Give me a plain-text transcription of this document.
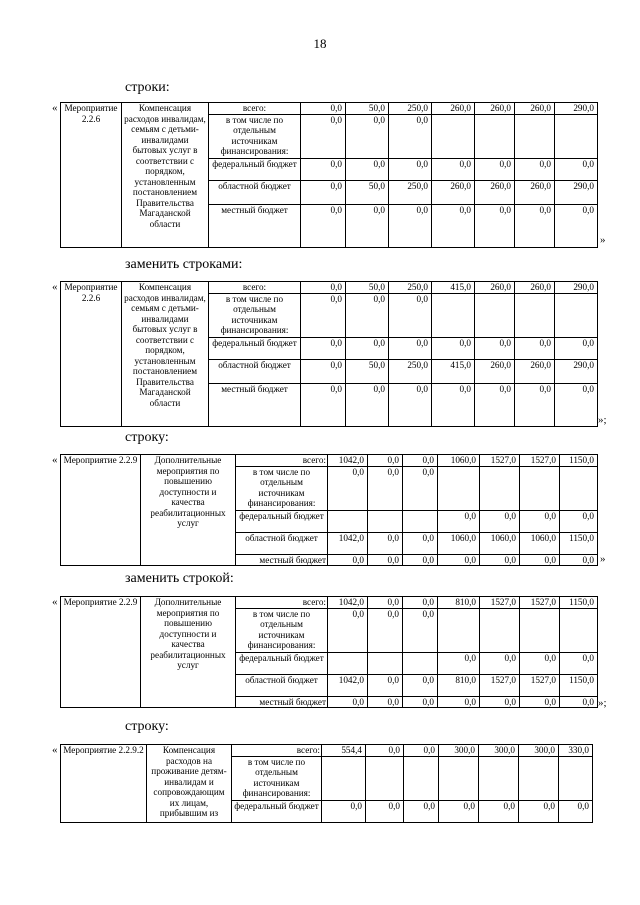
18
строки:
« Мероприятие 2.2.6	Компенсация расходов инвалидам, семьям с детьми-инвалидами бытовых услуг в соответствии с порядком, установленным постановлением Правительства Магаданской области	всего:	0,0	50,0	250,0	260,0	260,0	260,0	290,0
		в том числе по отдельным источникам финансирования:	0,0	0,0	0,0				
		федеральный бюджет	0,0	0,0	0,0	0,0	0,0	0,0	0,0
		областной бюджет	0,0	50,0	250,0	260,0	260,0	260,0	290,0
		местный бюджет	0,0	0,0	0,0	0,0	0,0	0,0	0,0
»
заменить строками:
« Мероприятие 2.2.6	Компенсация расходов инвалидам, семьям с детьми-инвалидами бытовых услуг в соответствии с порядком, установленным постановлением Правительства Магаданской области	всего:	0,0	50,0	250,0	415,0	260,0	260,0	290,0
		в том числе по отдельным источникам финансирования:	0,0	0,0	0,0				
		федеральный бюджет	0,0	0,0	0,0	0,0	0,0	0,0	0,0
		областной бюджет	0,0	50,0	250,0	415,0	260,0	260,0	290,0
		местный бюджет	0,0	0,0	0,0	0,0	0,0	0,0	0,0
»;
строку:
« Мероприятие 2.2.9	Дополнительные мероприятия по повышению доступности и качества реабилитационных услуг	всего:	1042,0	0,0	0,0	1060,0	1527,0	1527,0	1150,0
		в том числе по отдельным источникам финансирования:	0,0	0,0	0,0				
		федеральный бюджет				0,0	0,0	0,0	0,0
		областной бюджет	1042,0	0,0	0,0	1060,0	1060,0	1060,0	1150,0
		местный бюджет	0,0	0,0	0,0	0,0	0,0	0,0	0,0 »
заменить строкой:
« Мероприятие 2.2.9	Дополнительные мероприятия по повышению доступности и качества реабилитационных услуг	всего:	1042,0	0,0	0,0	810,0	1527,0	1527,0	1150,0
		в том числе по отдельным источникам финансирования:	0,0	0,0	0,0				
		федеральный бюджет				0,0	0,0	0,0	0,0
		областной бюджет	1042,0	0,0	0,0	810,0	1527,0	1527,0	1150,0
		местный бюджет	0,0	0,0	0,0	0,0	0,0	0,0	0,0 »;
строку:
« Мероприятие 2.2.9.2	Компенсация расходов на проживание детям-инвалидам и сопровождающим их лицам, прибывшим из	всего:	554,4	0,0	0,0	300,0	300,0	300,0	330,0
		в том числе по отдельным источникам финансирования:							
		федеральный бюджет	0,0	0,0	0,0	0,0	0,0	0,0	0,0
